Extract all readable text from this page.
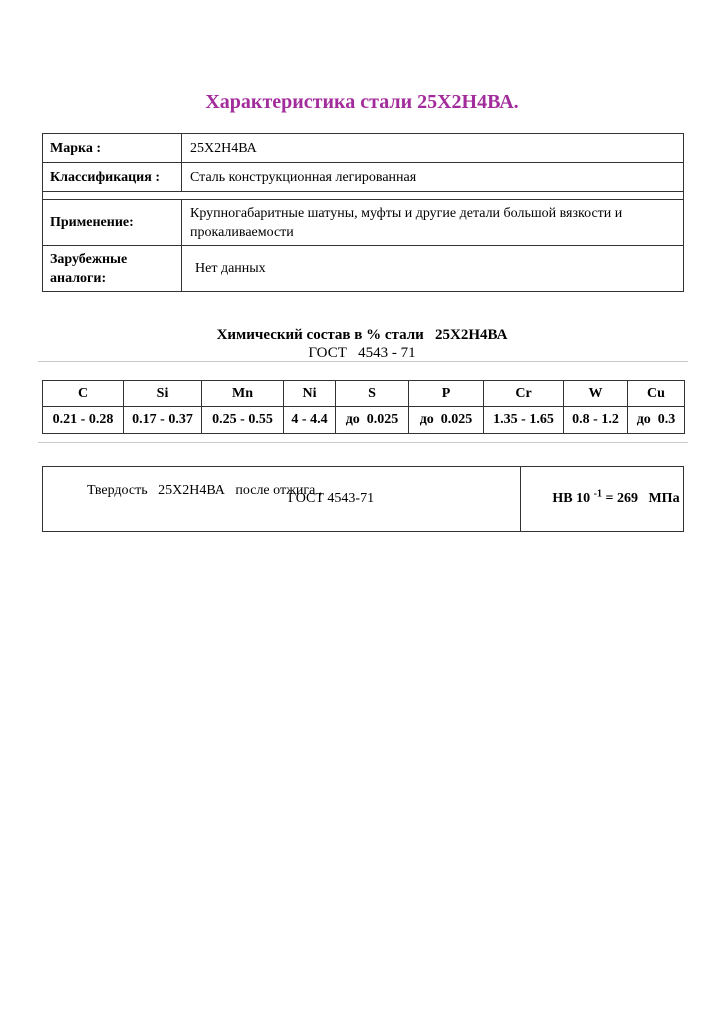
Характеристика стали 25Х2Н4ВА.
Марка :	25Х2Н4ВА
Классификация :	Сталь конструкционная легированная

Применение:	Крупногабаритные шатуны, муфты и другие детали большой вязкости и прокаливаемости
Зарубежные аналоги:	Нет данных
Химический состав в % стали   25Х2Н4ВА
ГОСТ   4543 - 71
C	Si	Mn	Ni	S	P	Cr	W	Cu
0.21 - 0.28	0.17 - 0.37	0.25 - 0.55	4 - 4.4	до  0.025	до  0.025	1.35 - 1.65	0.8 - 1.2	до  0.3

Твердость   25Х2Н4ВА   после отжига ,

ГОСТ 4543-71	НВ 10 $^{-1}$ = 269   МПа
